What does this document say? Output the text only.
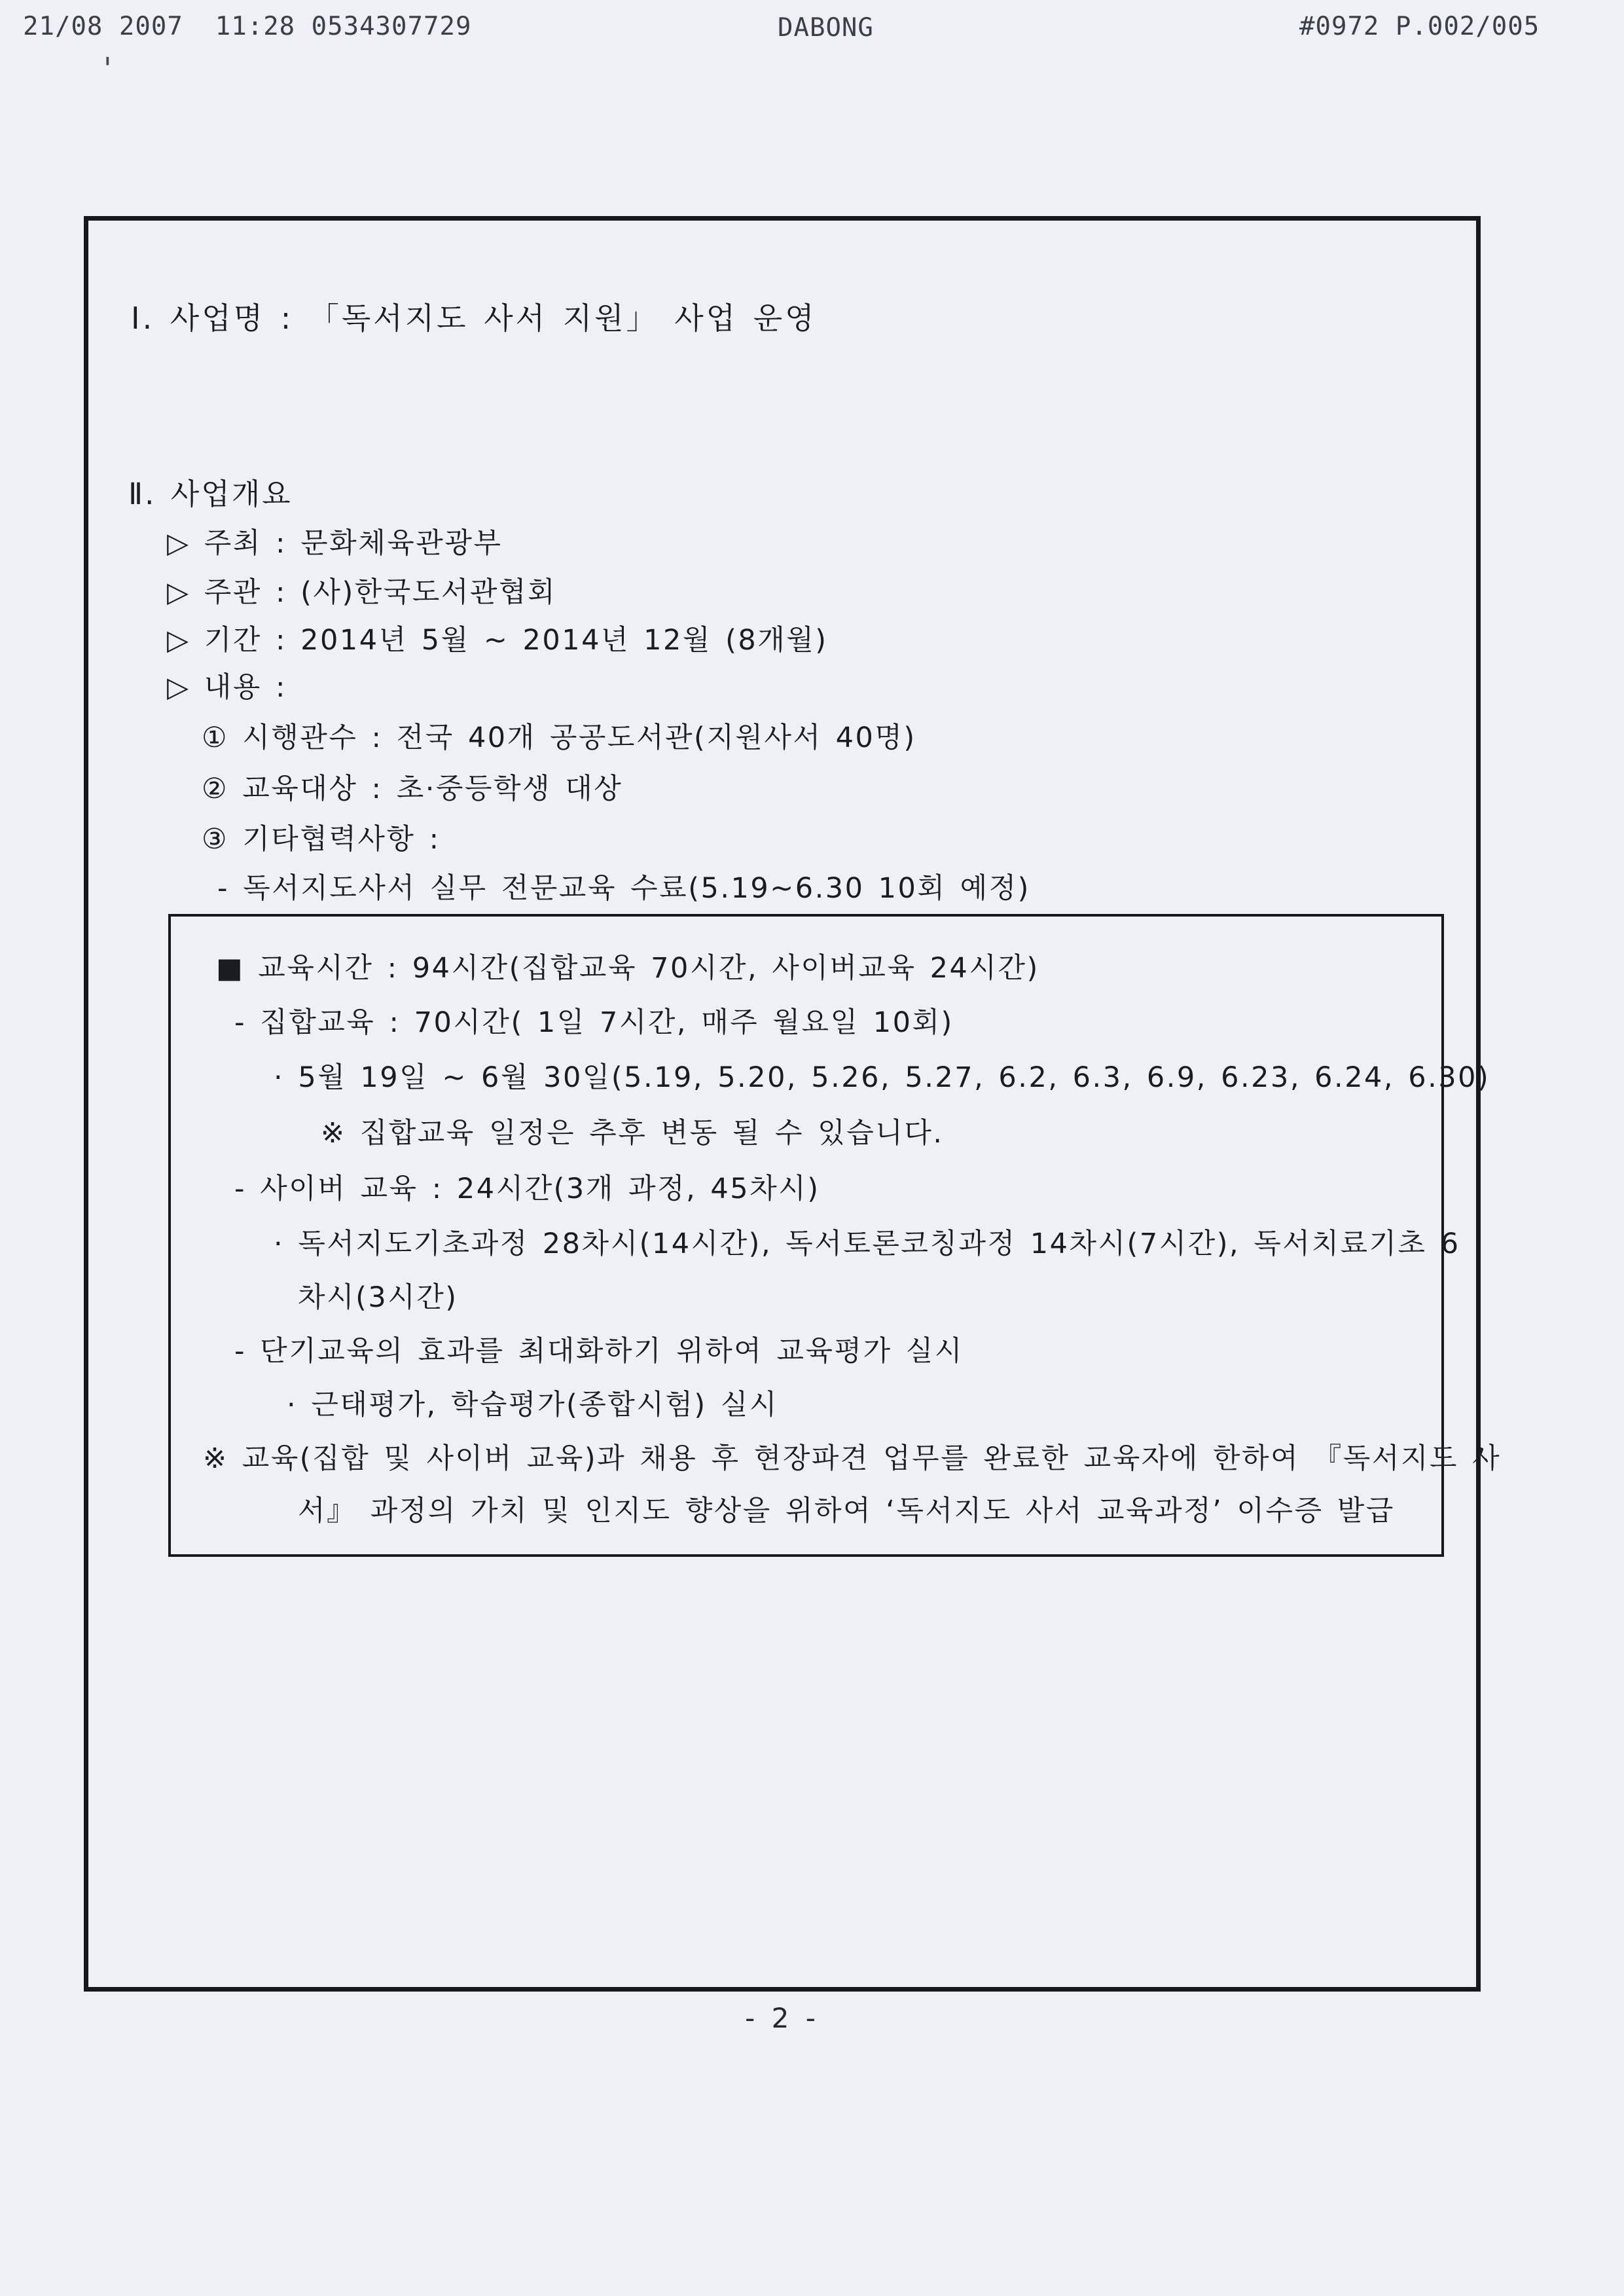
21/08 2007  11:28 0534307729	DABONG	#0972 P.002/005
'
Ⅰ. 사업명 : 「독서지도 사서 지원」 사업 운영
Ⅱ. 사업개요
▷ 주최 : 문화체육관광부
▷ 주관 : (사)한국도서관협회
▷ 기간 : 2014년 5월 ~ 2014년 12월 (8개월)
▷ 내용 :
① 시행관수 : 전국 40개 공공도서관(지원사서 40명)
② 교육대상 : 초·중등학생 대상
③ 기타협력사항 :
- 독서지도사서 실무 전문교육 수료(5.19~6.30 10회 예정)
■ 교육시간 : 94시간(집합교육 70시간, 사이버교육 24시간)
- 집합교육 : 70시간( 1일 7시간, 매주 월요일 10회)
· 5월 19일 ~ 6월 30일(5.19, 5.20, 5.26, 5.27, 6.2, 6.3, 6.9, 6.23, 6.24, 6.30)
※ 집합교육 일정은 추후 변동 될 수 있습니다.
- 사이버 교육 : 24시간(3개 과정, 45차시)
· 독서지도기초과정 28차시(14시간), 독서토론코칭과정 14차시(7시간), 독서치료기초 6
차시(3시간)
- 단기교육의 효과를 최대화하기 위하여 교육평가 실시
· 근태평가, 학습평가(종합시험) 실시
※ 교육(집합 및 사이버 교육)과 채용 후 현장파견 업무를 완료한 교육자에 한하여 『독서지도 사
서』 과정의 가치 및 인지도 향상을 위하여 ‘독서지도 사서 교육과정’ 이수증 발급
- 2 -
